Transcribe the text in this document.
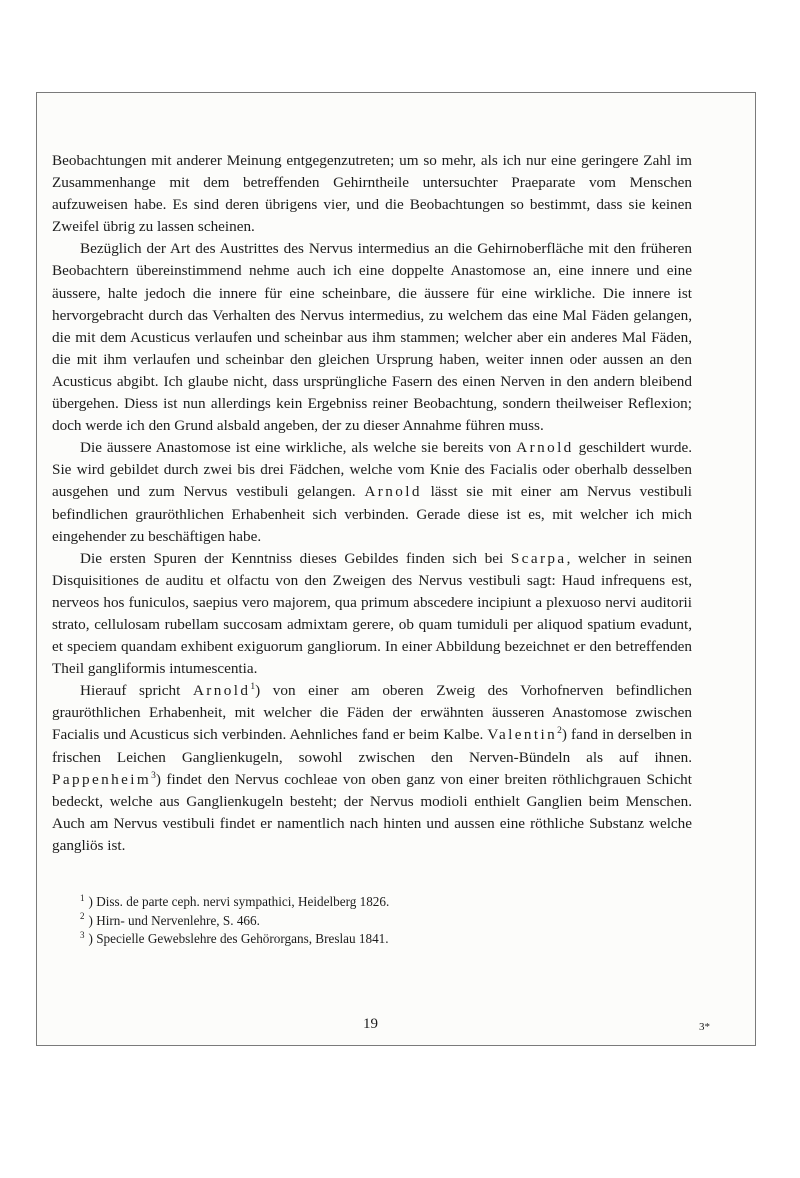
Beobachtungen mit anderer Meinung entgegenzutreten; um so mehr, als ich nur eine geringere Zahl im Zusammenhange mit dem betreffenden Gehirntheile untersuchter Praeparate vom Menschen aufzuweisen habe. Es sind deren übrigens vier, und die Beobachtungen so bestimmt, dass sie keinen Zweifel übrig zu lassen scheinen.

Bezüglich der Art des Austrittes des Nervus intermedius an die Gehirnoberfläche mit den früheren Beobachtern übereinstimmend nehme auch ich eine doppelte Anastomose an, eine innere und eine äussere, halte jedoch die innere für eine scheinbare, die äussere für eine wirkliche. Die innere ist hervorgebracht durch das Verhalten des Nervus intermedius, zu welchem das eine Mal Fäden gelangen, die mit dem Acusticus verlaufen und scheinbar aus ihm stammen; welcher aber ein anderes Mal Fäden, die mit ihm verlaufen und scheinbar den gleichen Ursprung haben, weiter innen oder aussen an den Acusticus abgibt. Ich glaube nicht, dass ursprüngliche Fasern des einen Nerven in den andern bleibend übergehen. Diess ist nun allerdings kein Ergebniss reiner Beobachtung, sondern theilweiser Reflexion; doch werde ich den Grund alsbald angeben, der zu dieser Annahme führen muss.

Die äussere Anastomose ist eine wirkliche, als welche sie bereits von Arnold geschildert wurde. Sie wird gebildet durch zwei bis drei Fädchen, welche vom Knie des Facialis oder oberhalb desselben ausgehen und zum Nervus vestibuli gelangen. Arnold lässt sie mit einer am Nervus vestibuli befindlichen grauröthlichen Erhabenheit sich verbinden. Gerade diese ist es, mit welcher ich mich eingehender zu beschäftigen habe.

Die ersten Spuren der Kenntniss dieses Gebildes finden sich bei Scarpa, welcher in seinen Disquisitiones de auditu et olfactu von den Zweigen des Nervus vestibuli sagt: Haud infrequens est, nerveos hos funiculos, saepius vero majorem, qua primum abscedere incipiunt a plexuoso nervi auditorii strato, cellulosam rubellam succosam admixtam gerere, ob quam tumiduli per aliquod spatium evadunt, et speciem quandam exhibent exiguorum gangliorum. In einer Abbildung bezeichnet er den betreffenden Theil gangliformis intumescentia.

Hierauf spricht Arnold$^1$) von einer am oberen Zweig des Vorhofnerven befindlichen grauröthlichen Erhabenheit, mit welcher die Fäden der erwähnten äusseren Anastomose zwischen Facialis und Acusticus sich verbinden. Aehnliches fand er beim Kalbe. Valentin$^2$) fand in derselben in frischen Leichen Ganglienkugeln, sowohl zwischen den Nerven-Bündeln als auf ihnen. Pappenheim$^3$) findet den Nervus cochleae von oben ganz von einer breiten röthlichgrauen Schicht bedeckt, welche aus Ganglienkugeln besteht; der Nervus modioli enthielt Ganglien beim Menschen. Auch am Nervus vestibuli findet er namentlich nach hinten und aussen eine röthliche Substanz welche gangliös ist.

$^1$ ) Diss. de parte ceph. nervi sympathici, Heidelberg 1826.

$^2$ ) Hirn- und Nervenlehre, S. 466.

$^3$ ) Specielle Gewebslehre des Gehörorgans, Breslau 1841.

19	3*
